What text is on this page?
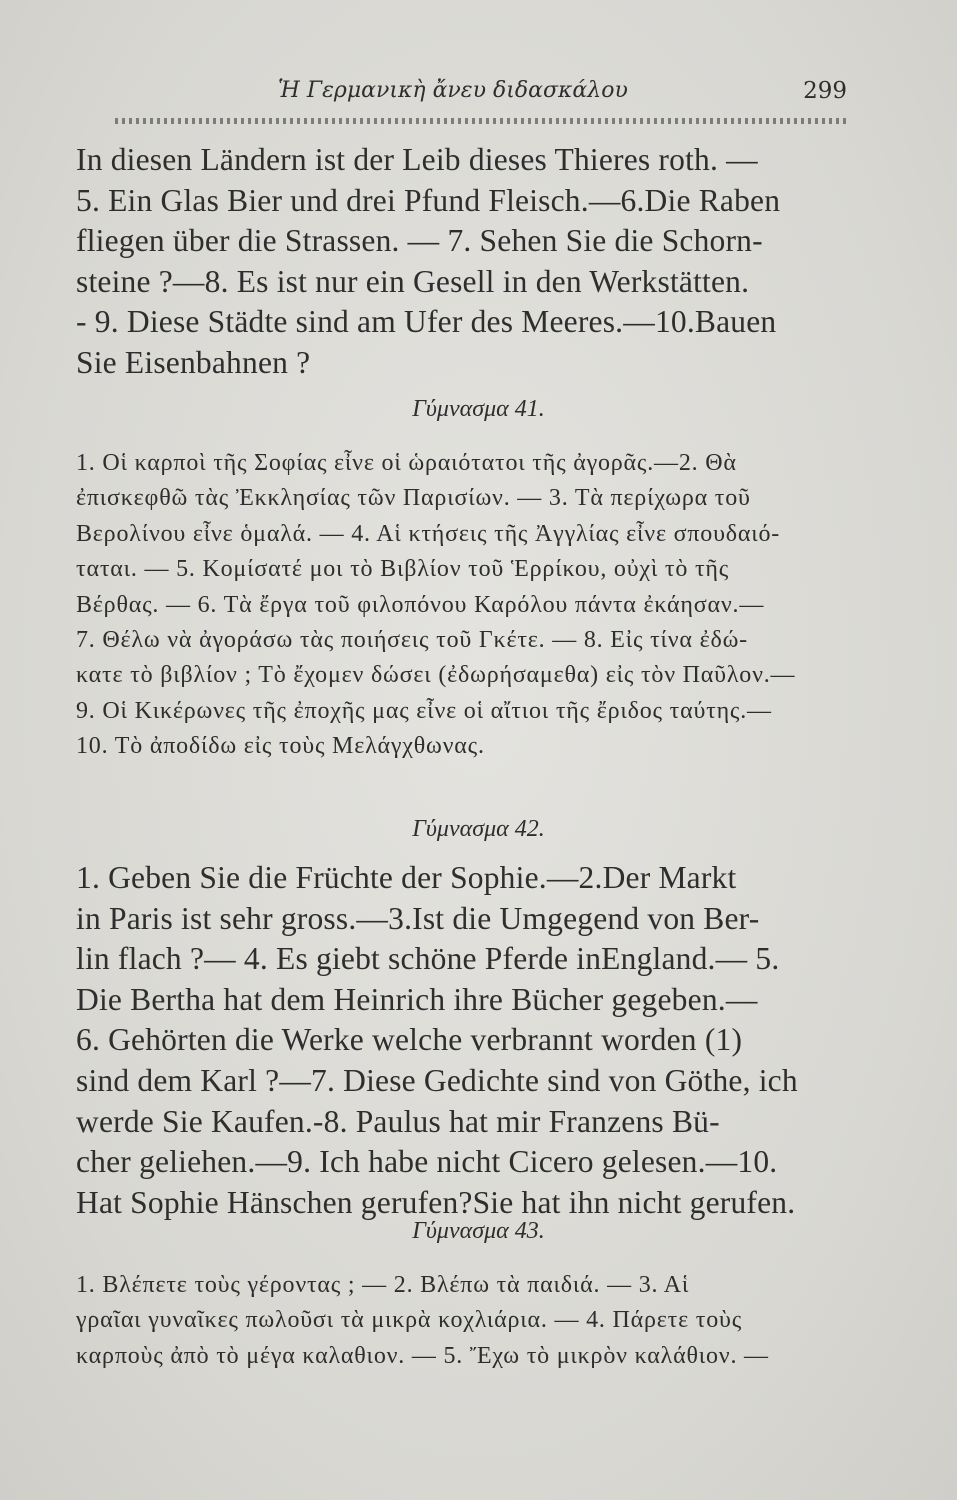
Ἡ Γερμανικὴ ἄνευ διδασκάλου	299
In diesen Ländern ist der Leib dieses Thieres roth. —
5. Ein Glas Bier und drei Pfund Fleisch.—6.Die Raben
fliegen über die Strassen. — 7. Sehen Sie die Schorn-
steine ?—8. Es ist nur ein Gesell in den Werkstätten.
- 9. Diese Städte sind am Ufer des Meeres.—10.Bauen
Sie Eisenbahnen ?
Γύμνασμα 41.
1. Οἱ καρποὶ τῆς Σοφίας εἶνε οἱ ὡραιότατοι τῆς ἀγορᾶς.—2. Θὰ
ἐπισκεφθῶ τὰς Ἐκκλησίας τῶν Παρισίων. — 3. Τὰ περίχωρα τοῦ
Βερολίνου εἶνε ὁμαλά. — 4. Αἱ κτήσεις τῆς Ἀγγλίας εἶνε σπουδαιό-
ταται. — 5. Κομίσατέ μοι τὸ Βιβλίον τοῦ Ἑρρίκου, οὐχὶ τὸ τῆς
Βέρθας. — 6. Τὰ ἔργα τοῦ φιλοπόνου Καρόλου πάντα ἐκάησαν.—
7. Θέλω νὰ ἀγοράσω τὰς ποιήσεις τοῦ Γκέτε. — 8. Εἰς τίνα ἐδώ-
κατε τὸ βιβλίον ; Τὸ ἔχομεν δώσει (ἐδωρήσαμεθα) εἰς τὸν Παῦλον.—
9. Οἱ Κικέρωνες τῆς ἐποχῆς μας εἶνε οἱ αἴτιοι τῆς ἔριδος ταύτης.—
10. Τὸ ἀποδίδω εἰς τοὺς Μελάγχθωνας.
Γύμνασμα 42.
1. Geben Sie die Früchte der Sophie.—2.Der Markt
in Paris ist sehr gross.—3.Ist die Umgegend von Ber-
lin flach ?— 4. Es giebt schöne Pferde inEngland.— 5.
Die Bertha hat dem Heinrich ihre Bücher gegeben.—
6. Gehörten die Werke welche verbrannt worden (1)
sind dem Karl ?—7. Diese Gedichte sind von Göthe, ich
werde Sie Kaufen.-8. Paulus hat mir Franzens Bü-
cher geliehen.—9. Ich habe nicht Cicero gelesen.—10.
Hat Sophie Hänschen gerufen?Sie hat ihn nicht gerufen.
Γύμνασμα 43.
1. Βλέπετε τοὺς γέροντας ; — 2. Βλέπω τὰ παιδιά. — 3. Αἱ
γραῖαι γυναῖκες πωλοῦσι τὰ μικρὰ κοχλιάρια. — 4. Πάρετε τοὺς
καρποὺς ἀπὸ τὸ μέγα καλαθιον. — 5. Ἔχω τὸ μικρὸν καλάθιον. —
